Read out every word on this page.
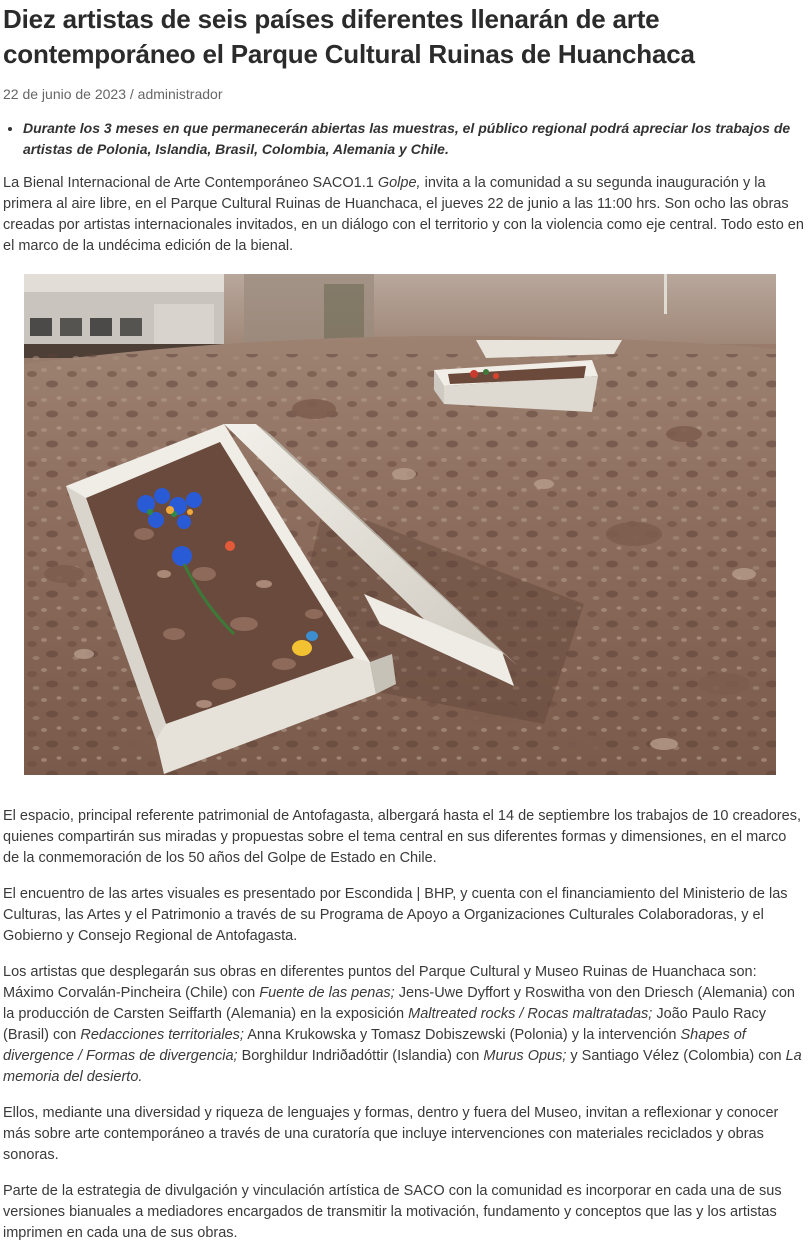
Diez artistas de seis países diferentes llenarán de arte contemporáneo el Parque Cultural Ruinas de Huanchaca
22 de junio de 2023 / administrador
• Durante los 3 meses en que permanecerán abiertas las muestras, el público regional podrá apreciar los trabajos de artistas de Polonia, Islandia, Brasil, Colombia, Alemania y Chile.

La Bienal Internacional de Arte Contemporáneo SACO1.1 Golpe, invita a la comunidad a su segunda inauguración y la primera al aire libre, en el Parque Cultural Ruinas de Huanchaca, el jueves 22 de junio a las 11:00 hrs. Son ocho las obras creadas por artistas internacionales invitados, en un diálogo con el territorio y con la violencia como eje central. Todo esto en el marco de la undécima edición de la bienal.

El espacio, principal referente patrimonial de Antofagasta, albergará hasta el 14 de septiembre los trabajos de 10 creadores, quienes compartirán sus miradas y propuestas sobre el tema central en sus diferentes formas y dimensiones, en el marco de la conmemoración de los 50 años del Golpe de Estado en Chile.

El encuentro de las artes visuales es presentado por Escondida | BHP, y cuenta con el financiamiento del Ministerio de las Culturas, las Artes y el Patrimonio a través de su Programa de Apoyo a Organizaciones Culturales Colaboradoras, y el Gobierno y Consejo Regional de Antofagasta.

Los artistas que desplegarán sus obras en diferentes puntos del Parque Cultural y Museo Ruinas de Huanchaca son: Máximo Corvalán-Pincheira (Chile) con Fuente de las penas; Jens-Uwe Dyffort y Roswitha von den Driesch (Alemania) con la producción de Carsten Seiffarth (Alemania) en la exposición Maltreated rocks / Rocas maltratadas; João Paulo Racy (Brasil) con Redacciones territoriales; Anna Krukowska y Tomasz Dobiszewski (Polonia) y la intervención Shapes of divergence / Formas de divergencia; Borghildur Indriðadóttir (Islandia) con Murus Opus; y Santiago Vélez (Colombia) con La memoria del desierto.

Ellos, mediante una diversidad y riqueza de lenguajes y formas, dentro y fuera del Museo, invitan a reflexionar y conocer más sobre arte contemporáneo a través de una curatoría que incluye intervenciones con materiales reciclados y obras sonoras.

Parte de la estrategia de divulgación y vinculación artística de SACO con la comunidad es incorporar en cada una de sus versiones bianuales a mediadores encargados de transmitir la motivación, fundamento y conceptos que las y los artistas imprimen en cada una de sus obras.
